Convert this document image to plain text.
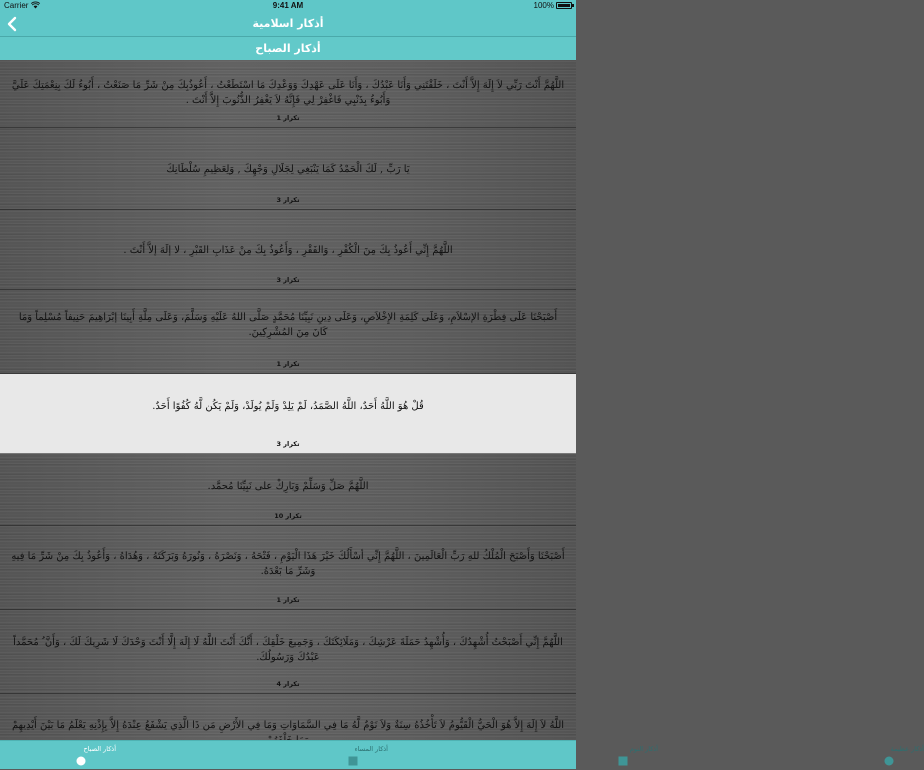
Carrier	9:41 AM	100%
أذكار اسلامية
أذكار الصباح
اللَّهُمَّ أَنْتَ رَبِّي لاَ إِلَهَ إِلاَّ أَنْتَ ، خَلَقْتَنِي وَأَنَا عَبْدُكَ ، وَأَنَا عَلَى عَهْدِكَ وَوَعْدِكَ مَا اسْتَطَعْتُ ، أَعُوذُبِكَ مِنْ شَرِّ مَا صَنَعْتُ ، أَبُوءُ لَكَ بِنِعْمَتِكَ عَلَيَّ وَأَبُوءُ بِذَنْبِي فَاغْفِرْ لِي فَإِنَّهُ لاَ يَغْفِرُ الذُّنُوبَ إِلاَّ أَنْتَ .
تكرار 1
يَا رَبِّ , لَكَ الْحَمْدُ كَمَا يَنْبَغِي لِجَلَالِ وَجْهِكَ , وَلِعَظِيمِ سُلْطَانِكَ
تكرار 3
اللَّهُمَّ إِنِّي أَعُوذُ بِكَ مِنَ الْكُفْرِ ، وَالفَقْرِ ، وَأَعُوذُ بِكَ مِنْ عَذَابِ القَبْرِ ، لا إلَهَ إلاَّ أَنْتَ .
تكرار 3
أَصْبَحْنَا عَلَى فِطْرَةِ الإسْلاَمِ، وَعَلَى كَلِمَةِ الإِخْلاَصِ، وَعَلَى دِينِ نَبِيِّنَا مُحَمَّدٍ صَلَّى اللهُ عَلَيْهِ وَسَلَّمَ، وَعَلَى مِلَّةِ أَبِينَا إبْرَاهِيمَ حَنِيفاً مُسْلِماً وَمَا كَانَ مِنَ المُشْرِكِينَ.
تكرار 1
قُلْ هُوَ اللَّهُ أَحَدٌ، اللَّهُ الصَّمَدُ، لَمْ يَلِدْ وَلَمْ يُولَدْ، وَلَمْ يَكُن لَّهُ كُفُوًا أَحَدٌ.
تكرار 3
اللَّهُمَّ صَلِّ وَسَلِّمْ وَبَارِكْ على نَبِيِّنَا مُحمَّد.
تكرار 10
أَصْبَحْنَا وَأَصْبَحَ الْمُلْكُ للهِ رَبِّ الْعَالَمِينَ ، اللَّهُمَّ إِنِّي أسْأَلُكَ خَيْرَ هَذَا الْيَوْمِ ، فَتْحَهُ ، وَنَصْرَهُ ، وَنُورَهُ وَبَرَكَتَهُ ، وَهُدَاهُ ، وَأَعُوذُ بِكَ مِنْ شَرِّ مَا فِيهِ وَشَرِّ مَا بَعْدَهُ.
تكرار 1
اللَّهُمَّ إِنِّي أَصْبَحْتُ أُشْهِدُكَ ، وَأُشْهِدُ حَمَلَةَ عَرْشِكَ ، وَمَلَائِكَتَكَ ، وَجَمِيعَ خَلْقِكَ ، أَنَّكَ أَنْتَ اللَّهُ لَا إِلَهَ إِلَّا أَنْتَ وَحْدَكَ لَا شَرِيكَ لَكَ ، وَأَنَّ ُ مُحَمَّداً عَبْدُكَ وَرَسُولُكَ.
تكرار 4
اللَّهُ لاَ إِلَهَ إِلاَّ هُوَ الْحَيُّ الْقَيُّومُ لاَ تَأْخُذُهُ سِنَةٌ وَلاَ نَوْمٌ لَّهُ مَا فِي السَّمَاوَاتِ وَمَا فِي الأَرْضِ مَن ذَا الَّذِي يَشْفَعُ عِنْدَهُ إِلاَّ بِإِذْنِهِ يَعْلَمُ مَا بَيْنَ أَيْدِيهِمْ
أذكار الصباح	أذكار المساء	أذكار النوم	أذكار عظيمة
